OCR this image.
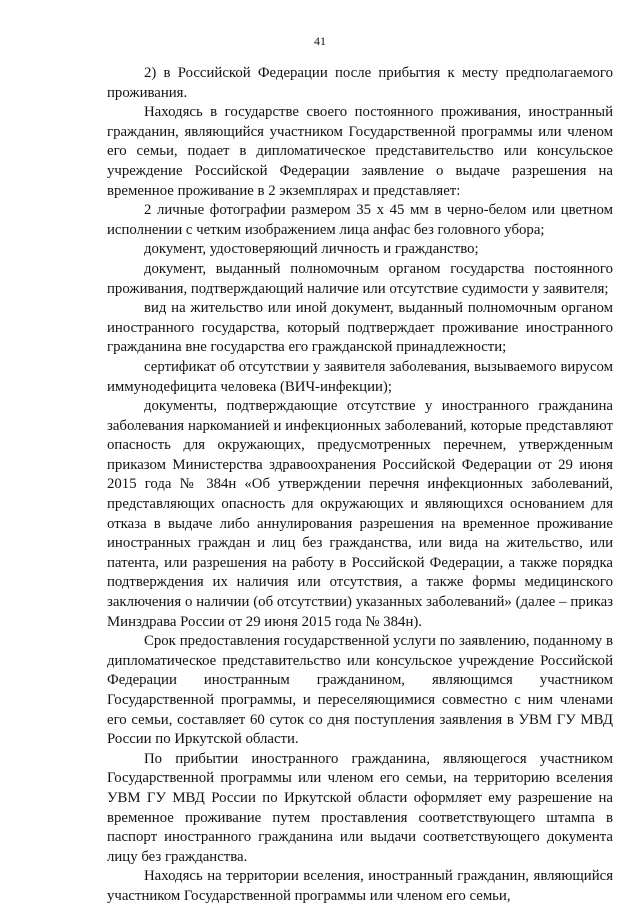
41

2) в Российской Федерации после прибытия к месту предполагаемого проживания.

Находясь в государстве своего постоянного проживания, иностранный гражданин, являющийся участником Государственной программы или членом его семьи, подает в дипломатическое представительство или консульское учреждение Российской Федерации заявление о выдаче разрешения на временное проживание в 2 экземплярах и представляет:

2 личные фотографии размером 35 х 45 мм в черно-белом или цветном исполнении с четким изображением лица анфас без головного убора;

документ, удостоверяющий личность и гражданство;

документ, выданный полномочным органом государства постоянного проживания, подтверждающий наличие или отсутствие судимости у заявителя;

вид на жительство или иной документ, выданный полномочным органом иностранного государства, который подтверждает проживание иностранного гражданина вне государства его гражданской принадлежности;

сертификат об отсутствии у заявителя заболевания, вызываемого вирусом иммунодефицита человека (ВИЧ-инфекции);

документы, подтверждающие отсутствие у иностранного гражданина заболевания наркоманией и инфекционных заболеваний, которые представляют опасность для окружающих, предусмотренных перечнем, утвержденным приказом Министерства здравоохранения Российской Федерации от 29 июня 2015 года № 384н «Об утверждении перечня инфекционных заболеваний, представляющих опасность для окружающих и являющихся основанием для отказа в выдаче либо аннулирования разрешения на временное проживание иностранных граждан и лиц без гражданства, или вида на жительство, или патента, или разрешения на работу в Российской Федерации, а также порядка подтверждения их наличия или отсутствия, а также формы медицинского заключения о наличии (об отсутствии) указанных заболеваний» (далее – приказ Минздрава России от 29 июня 2015 года № 384н).

Срок предоставления государственной услуги по заявлению, поданному в дипломатическое представительство или консульское учреждение Российской Федерации иностранным гражданином, являющимся участником Государственной программы, и переселяющимися совместно с ним членами его семьи, составляет 60 суток со дня поступления заявления в УВМ ГУ МВД России по Иркутской области.

По прибытии иностранного гражданина, являющегося участником Государственной программы или членом его семьи, на территорию вселения УВМ ГУ МВД России по Иркутской области оформляет ему разрешение на временное проживание путем проставления соответствующего штампа в паспорт иностранного гражданина или выдачи соответствующего документа лицу без гражданства.

Находясь на территории вселения, иностранный гражданин, являющийся участником Государственной программы или членом его семьи,
